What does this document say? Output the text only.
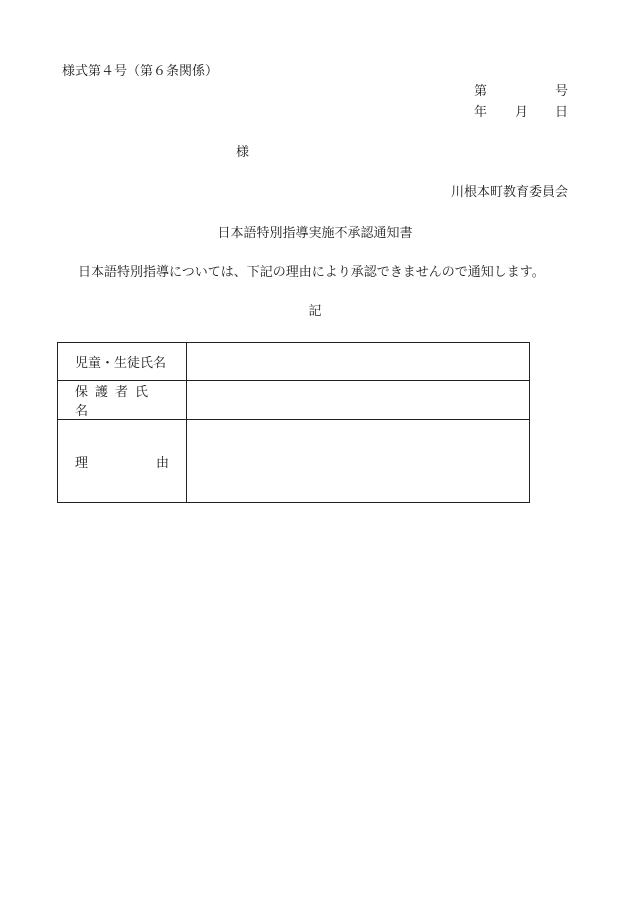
様式第４号（第６条関係）
第	号
年 月 日
様
川根本町教育委員会
日本語特別指導実施不承認通知書
日本語特別指導については、下記の理由により承認できませんので通知します。
記
児童・生徒氏名	
保護者氏名	

理 由	
